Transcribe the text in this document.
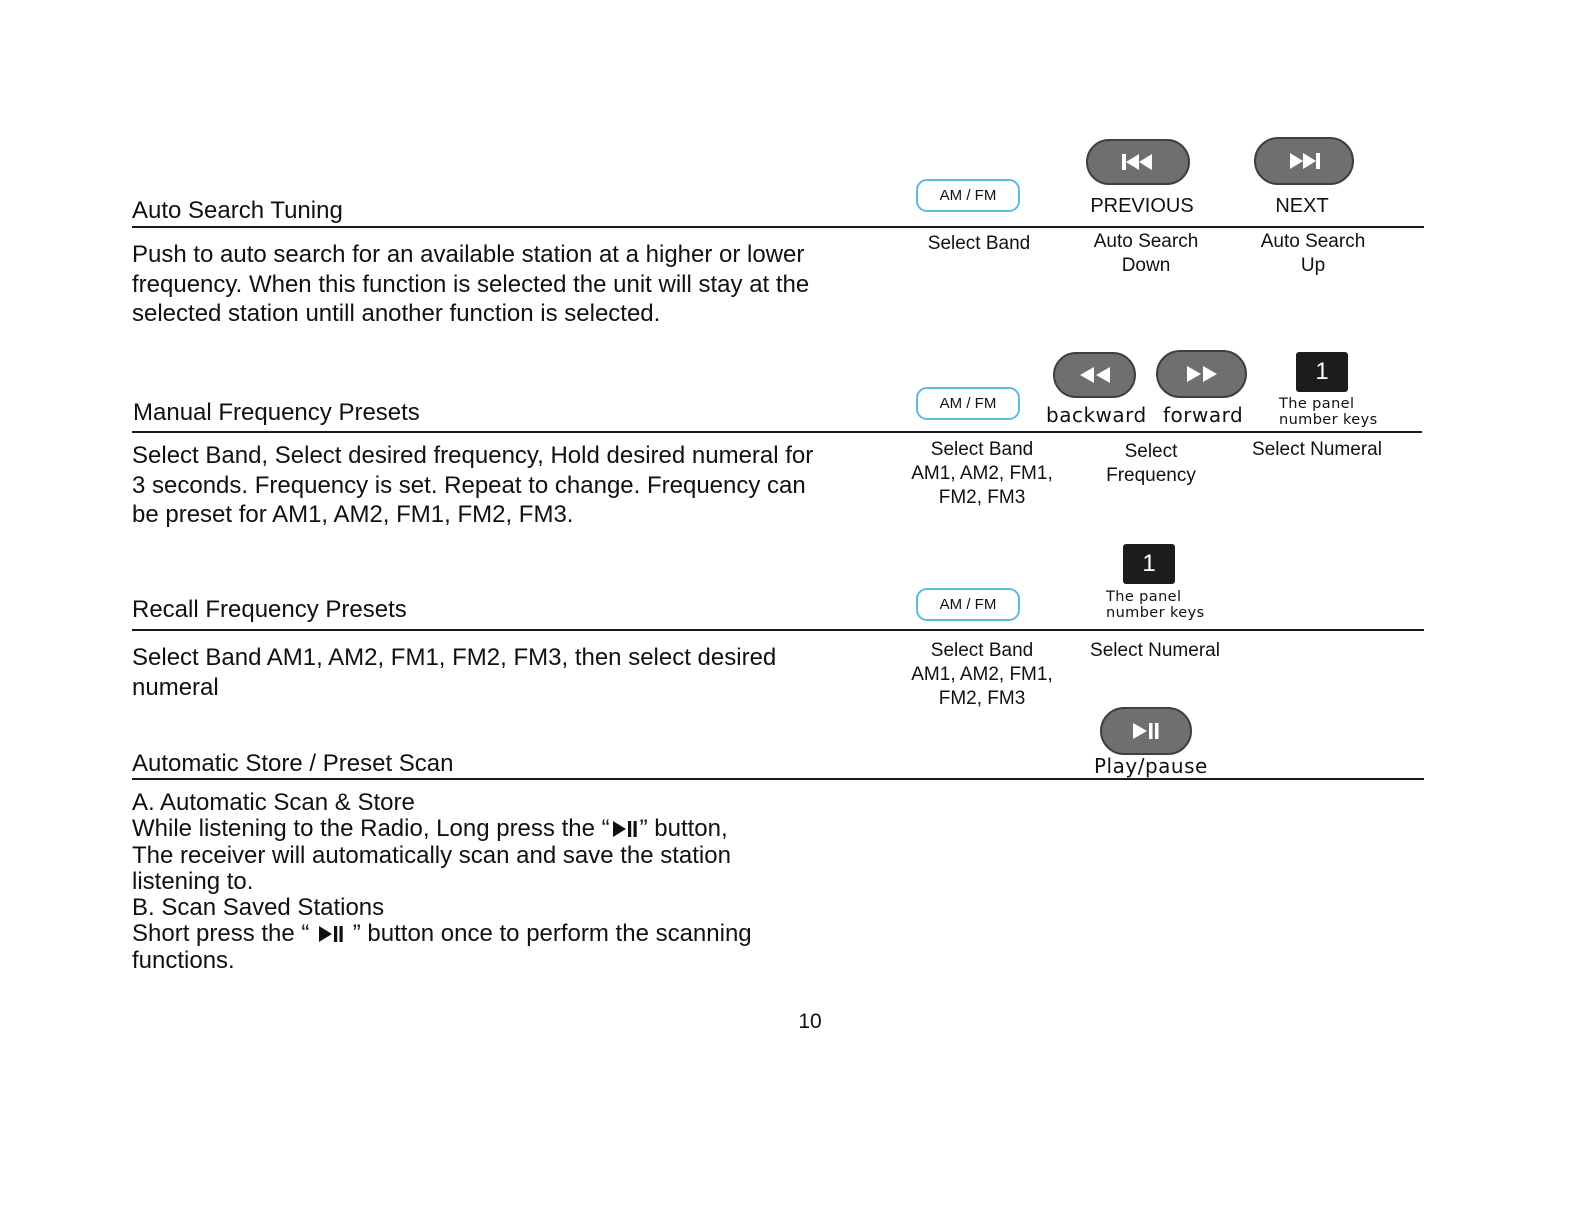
Auto Search Tuning
Push to auto search for an available station at a higher or lower
frequency. When this function is selected the unit will stay at the
selected station untill another function is selected.
AM / FM
Select Band
PREVIOUS
Auto Search
Down
NEXT
Auto Search
Up
Manual Frequency Presets
Select Band, Select desired frequency, Hold desired numeral for
3 seconds. Frequency is set. Repeat to change. Frequency can
be preset for AM1, AM2, FM1, FM2, FM3.
AM / FM
Select Band
AM1, AM2, FM1,
FM2, FM3
backward forward
Select
Frequency
1
The panel
number keys
Select Numeral
Recall Frequency Presets
Select Band AM1, AM2, FM1, FM2, FM3, then select desired
numeral
AM / FM
Select Band
AM1, AM2, FM1,
FM2, FM3
1
The panel
number keys
Select Numeral
Automatic Store / Preset Scan	Play/pause
A. Automatic Scan & Store
While listening to the Radio, Long press the “ ” button,
The receiver will automatically scan and save the station
listening to.
B. Scan Saved Stations
Short press the “  ” button once to perform the scanning
functions.
10
